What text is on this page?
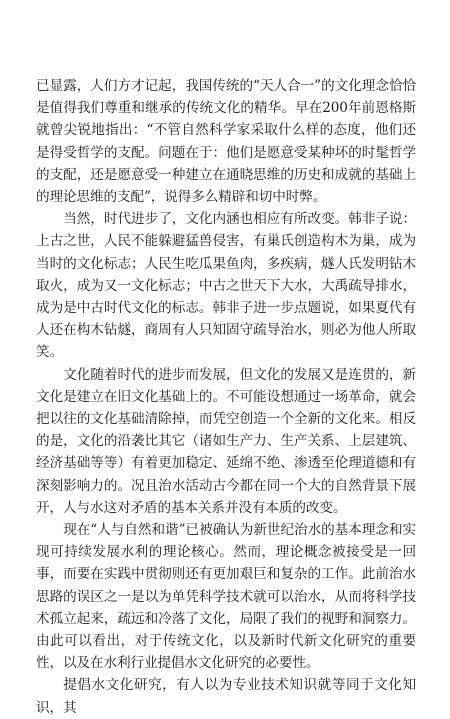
已显露，人们方才记起，我国传统的“天人合一”的文化理念恰恰是值得我们尊重和继承的传统文化的精华。早在200年前恩格斯就曾尖锐地指出：“不管自然科学家采取什么样的态度，他们还是得受哲学的支配。问题在于：他们是愿意受某种坏的时髦哲学的支配，还是愿意受一种建立在通晓思维的历史和成就的基础上的理论思维的支配”，说得多么精辟和切中时弊。

当然，时代进步了，文化内涵也相应有所改变。韩非子说：上古之世，人民不能躲避猛兽侵害，有巢氏创造构木为巢，成为当时的文化标志；人民生吃瓜果鱼肉，多疾病，燧人氏发明钻木取火，成为又一文化标志；中古之世天下大水，大禹疏导排水，成为是中古时代文化的标志。韩非子进一步点题说，如果夏代有人还在构木钻燧，商周有人只知固守疏导治水，则必为他人所取笑。

文化随着时代的进步而发展，但文化的发展又是连贯的，新文化是建立在旧文化基础上的。不可能设想通过一场革命，就会把以往的文化基础清除掉，而凭空创造一个全新的文化来。相反的是，文化的沿袭比其它（诸如生产力、生产关系、上层建筑、经济基础等等）有着更加稳定、延绵不绝、渗透至伦理道德和有深刻影响力的。况且治水活动古今都在同一个大的自然背景下展开，人与水这对矛盾的基本关系并没有本质的改变。

现在“人与自然和谐”已被确认为新世纪治水的基本理念和实现可持续发展水利的理论核心。然而，理论概念被接受是一回事，而要在实践中贯彻则还有更加艰巨和复杂的工作。此前治水思路的误区之一是以为单凭科学技术就可以治水，从而将科学技术孤立起来，疏远和冷落了文化，局限了我们的视野和洞察力。由此可以看出，对于传统文化，以及新时代新文化研究的重要性，以及在水利行业提倡水文化研究的必要性。

提倡水文化研究，有人以为专业技术知识就等同于文化知识，其
